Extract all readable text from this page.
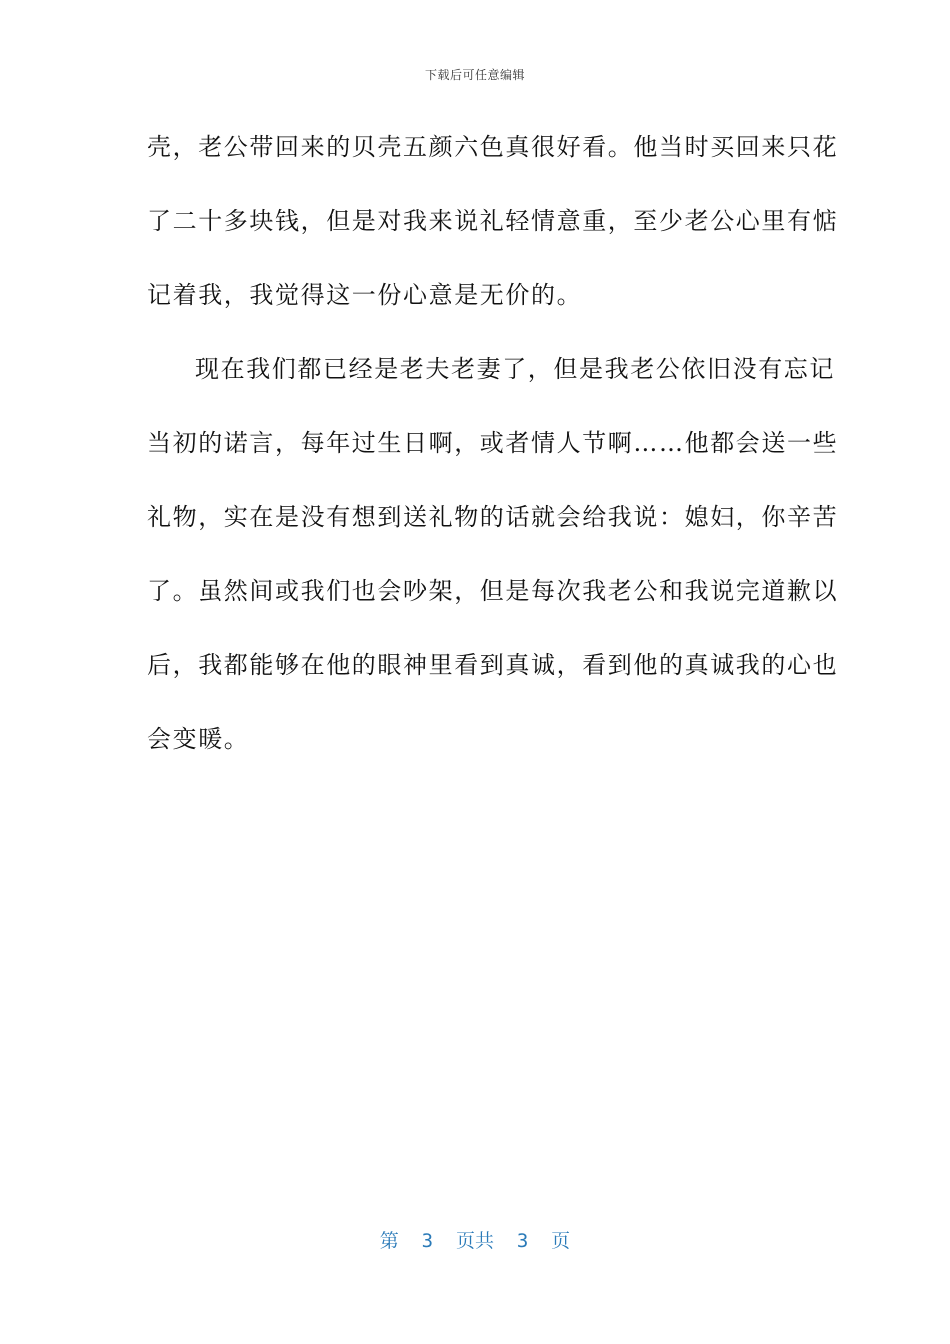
下载后可任意编辑
壳，老公带回来的贝壳五颜六色真很好看。他当时买回来只花
了二十多块钱，但是对我来说礼轻情意重，至少老公心里有惦
记着我，我觉得这一份心意是无价的。
现在我们都已经是老夫老妻了，但是我老公依旧没有忘记
当初的诺言，每年过生日啊，或者情人节啊……他都会送一些
礼物，实在是没有想到送礼物的话就会给我说：媳妇，你辛苦
了。虽然间或我们也会吵架，但是每次我老公和我说完道歉以
后，我都能够在他的眼神里看到真诚，看到他的真诚我的心也
会变暖。
第  3  页共  3  页
